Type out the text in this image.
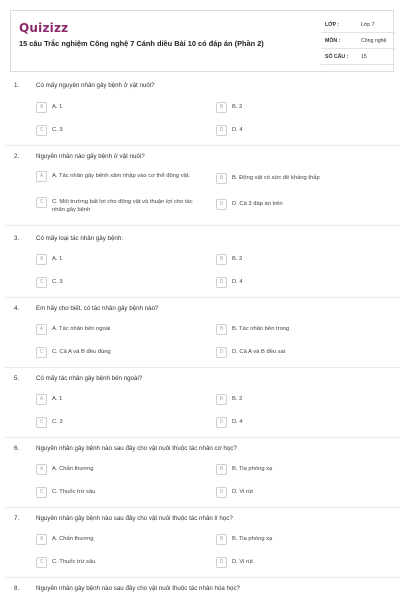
Quizizz
15 câu Trắc nghiệm Công nghệ 7 Cánh diều Bài 10 có đáp án (Phần 2)
LỚP :	Lớp 7
MÔN :	Công nghệ
SỐ CÂU : 15
1.	Có mấy nguyên nhân gây bệnh ở vật nuôi?
A	A. 1	B	B. 2
C	C. 3	D	D. 4
2.	Nguyên nhân nào gây bệnh ở vật nuôi?
A	A. Tác nhân gây bệnh xâm nhập vào cơ thể động vật.	B	B. Động vật có sức đề kháng thấp
C	C. Môi trường bất lợi cho động vật và thuận lợi cho tác nhân gây bệnh
D	D. Cả 3 đáp án trên
3.	Có mấy loại tác nhân gây bệnh:
A	A. 1	B	B. 2
C	C. 3	D	D. 4
4.	Em hãy cho biết, có tác nhân gây bệnh nào?
A	A. Tác nhân bên ngoài	B	B. Tác nhân bên trong
C	C. Cả A và B đều đúng	D	D. Cả A và B đều sai
5.	Có mấy tác nhân gây bệnh bên ngoài?
A	A. 1	B	B. 2
C	C. 3	D	D. 4
6.	Nguyên nhân gây bệnh nào sau đây cho vật nuôi thuộc tác nhân cơ học?
A	A. Chấn thương	B	B. Tia phóng xạ
C	C. Thuốc trừ sâu	D	D. Vi rút
7.	Nguyên nhân gây bệnh nào sau đây cho vật nuôi thuộc tác nhân lí học?
A	A. Chấn thương	B	B. Tia phóng xạ
C	C. Thuốc trừ sâu	D	D. Vi rút
8.	Nguyên nhân gây bệnh nào sau đây cho vật nuôi thuộc tác nhân hóa học?
